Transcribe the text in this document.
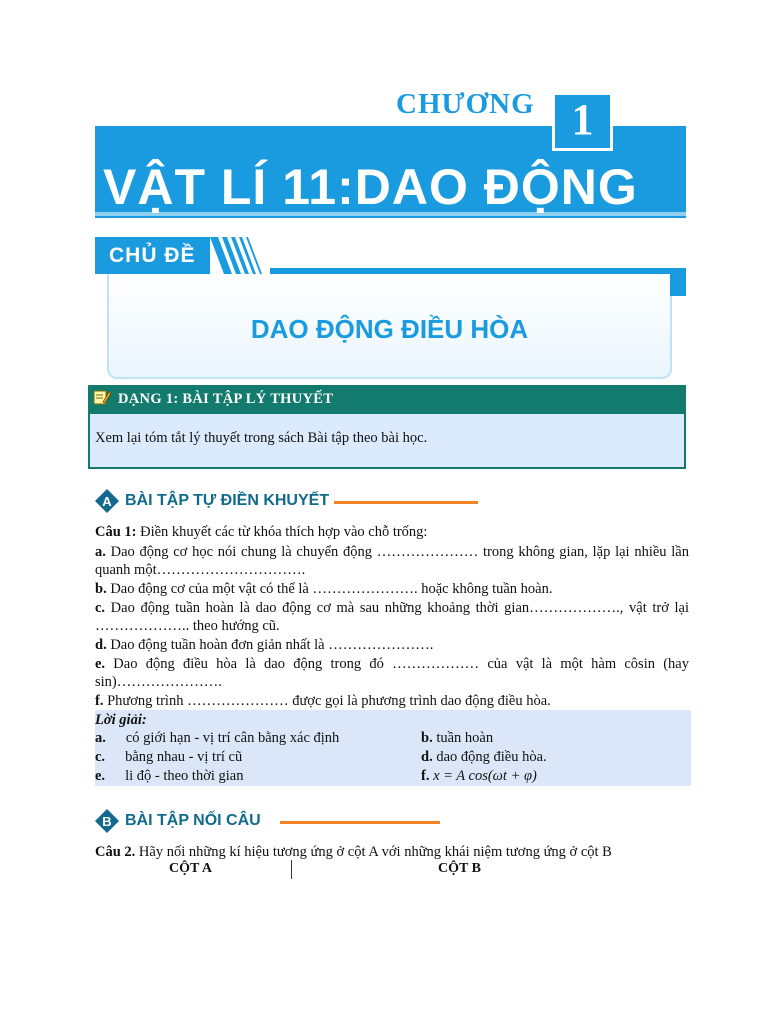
CHƯƠNG 1
VẬT LÍ 11:DAO ĐỘNG
CHỦ ĐỀ
DAO ĐỘNG ĐIỀU HÒA
DẠNG 1: BÀI TẬP LÝ THUYẾT
Xem lại tóm tắt lý thuyết trong sách Bài tập theo bài học.
A BÀI TẬP TỰ ĐIỀN KHUYẾT
Câu 1: Điền khuyết các từ khóa thích hợp vào chỗ trống:
a. Dao động cơ học nói chung là chuyển động ………………… trong không gian, lặp lại nhiều lần
quanh một………………………….
b. Dao động cơ của một vật có thể là …………………. hoặc không tuần hoàn.
c. Dao động tuần hoàn là dao động cơ mà sau những khoảng thời gian………………., vật trở lại
……………….. theo hướng cũ.
d. Dao động tuần hoàn đơn giản nhất là ………………….
e. Dao động điều hòa là dao động trong đó ……………… của vật là một hàm côsin (hay
sin)………………….
f. Phương trình ………………… được gọi là phương trình dao động điều hòa.
Lời giải:
a. có giới hạn - vị trí cân bằng xác định
c. bằng nhau - vị trí cũ
e. li độ - theo thời gian
b. tuần hoàn
d. dao động điều hòa.
f. x = A cos(ωt + φ)
B BÀI TẬP NỐI CÂU
Câu 2. Hãy nối những kí hiệu tương ứng ở cột A với những khái niệm tương ứng ở cột B
CỘT A	CỘT B
